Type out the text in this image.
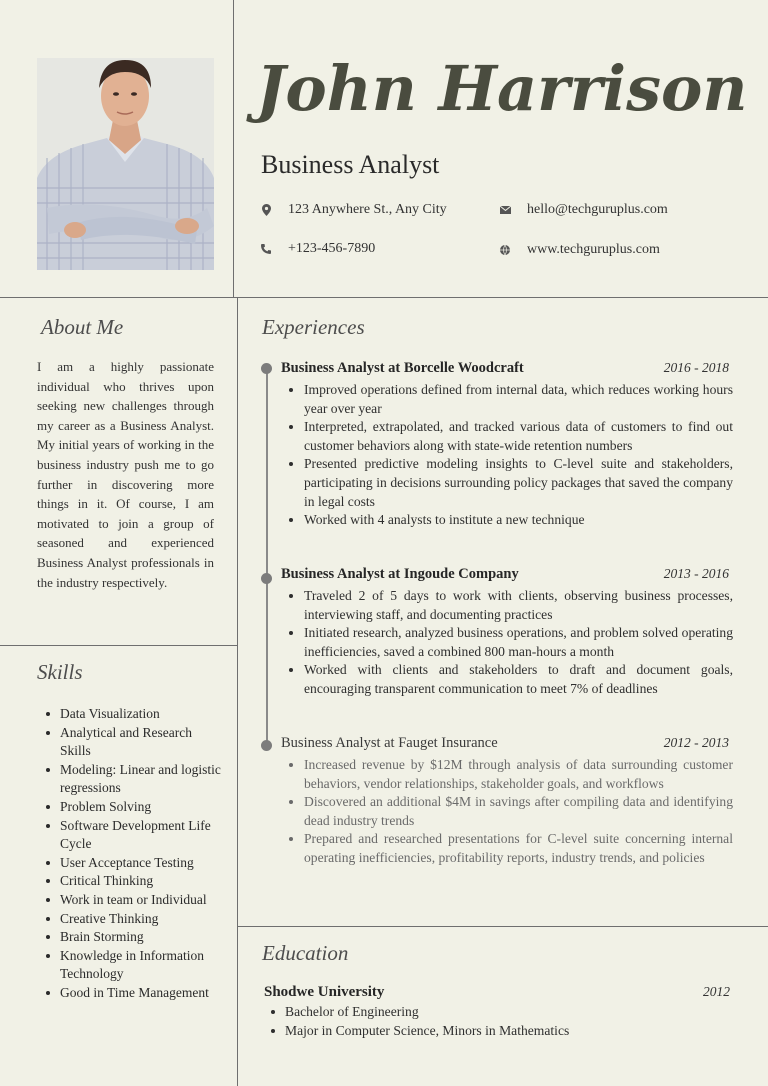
John Harrison
Business Analyst
123 Anywhere St., Any City	hello@techguruplus.com
+123-456-7890	www.techguruplus.com
About Me
I am a highly passionate individual who thrives upon seeking new challenges through my career as a Business Analyst. My initial years of working in the business industry push me to go further in discovering more things in it. Of course, I am motivated to join a group of seasoned and experienced Business Analyst professionals in the industry respectively.
Skills
Data Visualization
Analytical and Research Skills
Modeling: Linear and logistic regressions
Problem Solving
Software Development Life Cycle
User Acceptance Testing
Critical Thinking
Work in team or Individual
Creative Thinking
Brain Storming
Knowledge in Information Technology
Good in Time Management
Experiences
Business Analyst at Borcelle Woodcraft	2016 - 2018
Improved operations defined from internal data, which reduces working hours year over year
Interpreted, extrapolated, and tracked various data of customers to find out customer behaviors along with state-wide retention numbers
Presented predictive modeling insights to C-level suite and stakeholders, participating in decisions surrounding policy packages that saved the company in legal costs
Worked with 4 analysts to institute a new technique
Business Analyst at Ingoude Company	2013 - 2016
Traveled 2 of 5 days to work with clients, observing business processes, interviewing staff, and documenting practices
Initiated research, analyzed business operations, and problem solved operating inefficiencies, saved a combined 800 man-hours a month
Worked with clients and stakeholders to draft and document goals, encouraging transparent communication to meet 7% of deadlines
Business Analyst at Fauget Insurance	2012 - 2013
Increased revenue by $12M through analysis of data surrounding customer behaviors, vendor relationships, stakeholder goals, and workflows
Discovered an additional $4M in savings after compiling data and identifying dead industry trends
Prepared and researched presentations for C-level suite concerning internal operating inefficiencies, profitability reports, industry trends, and policies
Education
Shodwe University	2012
Bachelor of Engineering
Major in Computer Science, Minors in Mathematics
